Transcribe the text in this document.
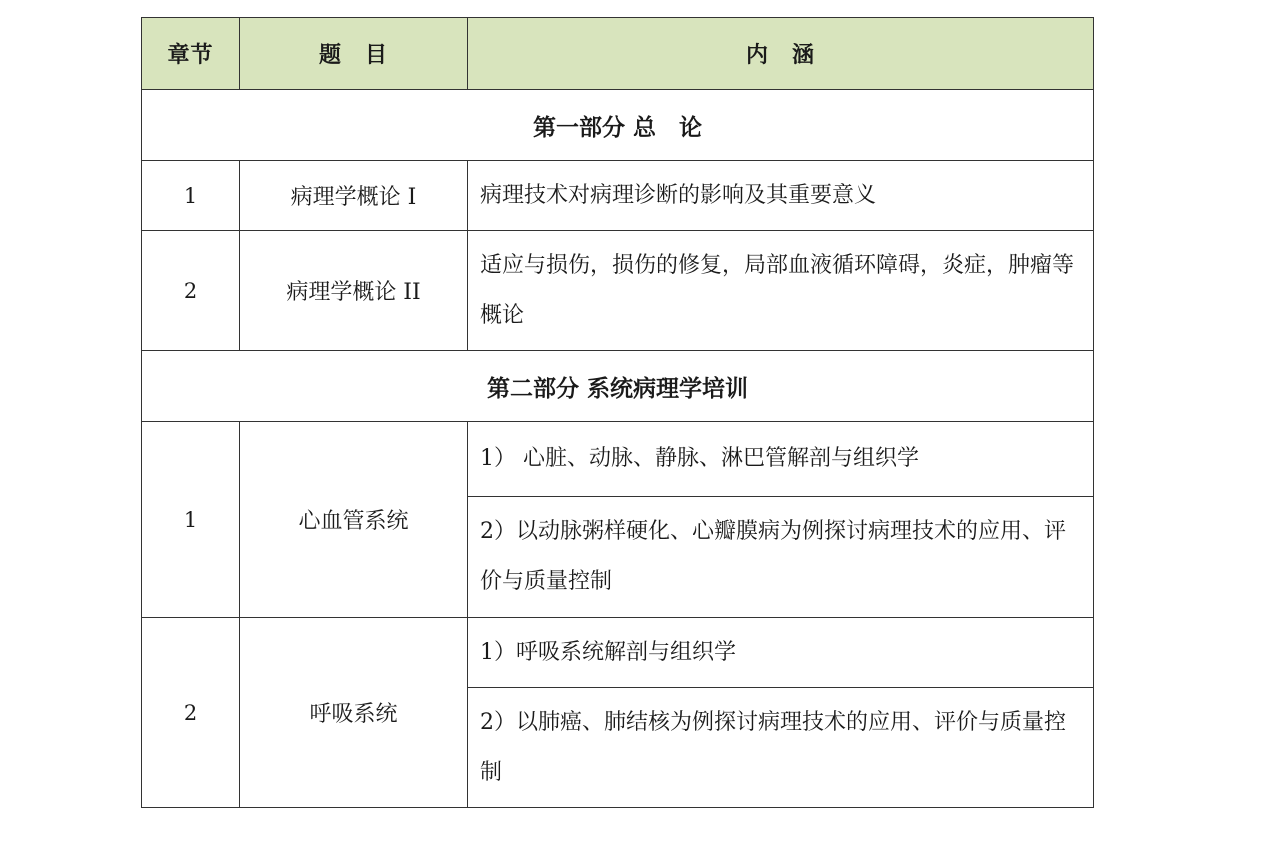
章节	题　目	内　涵
第一部分 总　论		
1	病理学概论 I	病理技术对病理诊断的影响及其重要意义
2	病理学概论 II	适应与损伤，损伤的修复，局部血液循环障碍，炎症，肿瘤等概论
第二部分 系统病理学培训		
1	心血管系统	1） 心脏、动脉、静脉、淋巴管解剖与组织学
		2）以动脉粥样硬化、心瓣膜病为例探讨病理技术的应用、评价与质量控制
2	呼吸系统	1）呼吸系统解剖与组织学
		2）以肺癌、肺结核为例探讨病理技术的应用、评价与质量控制
